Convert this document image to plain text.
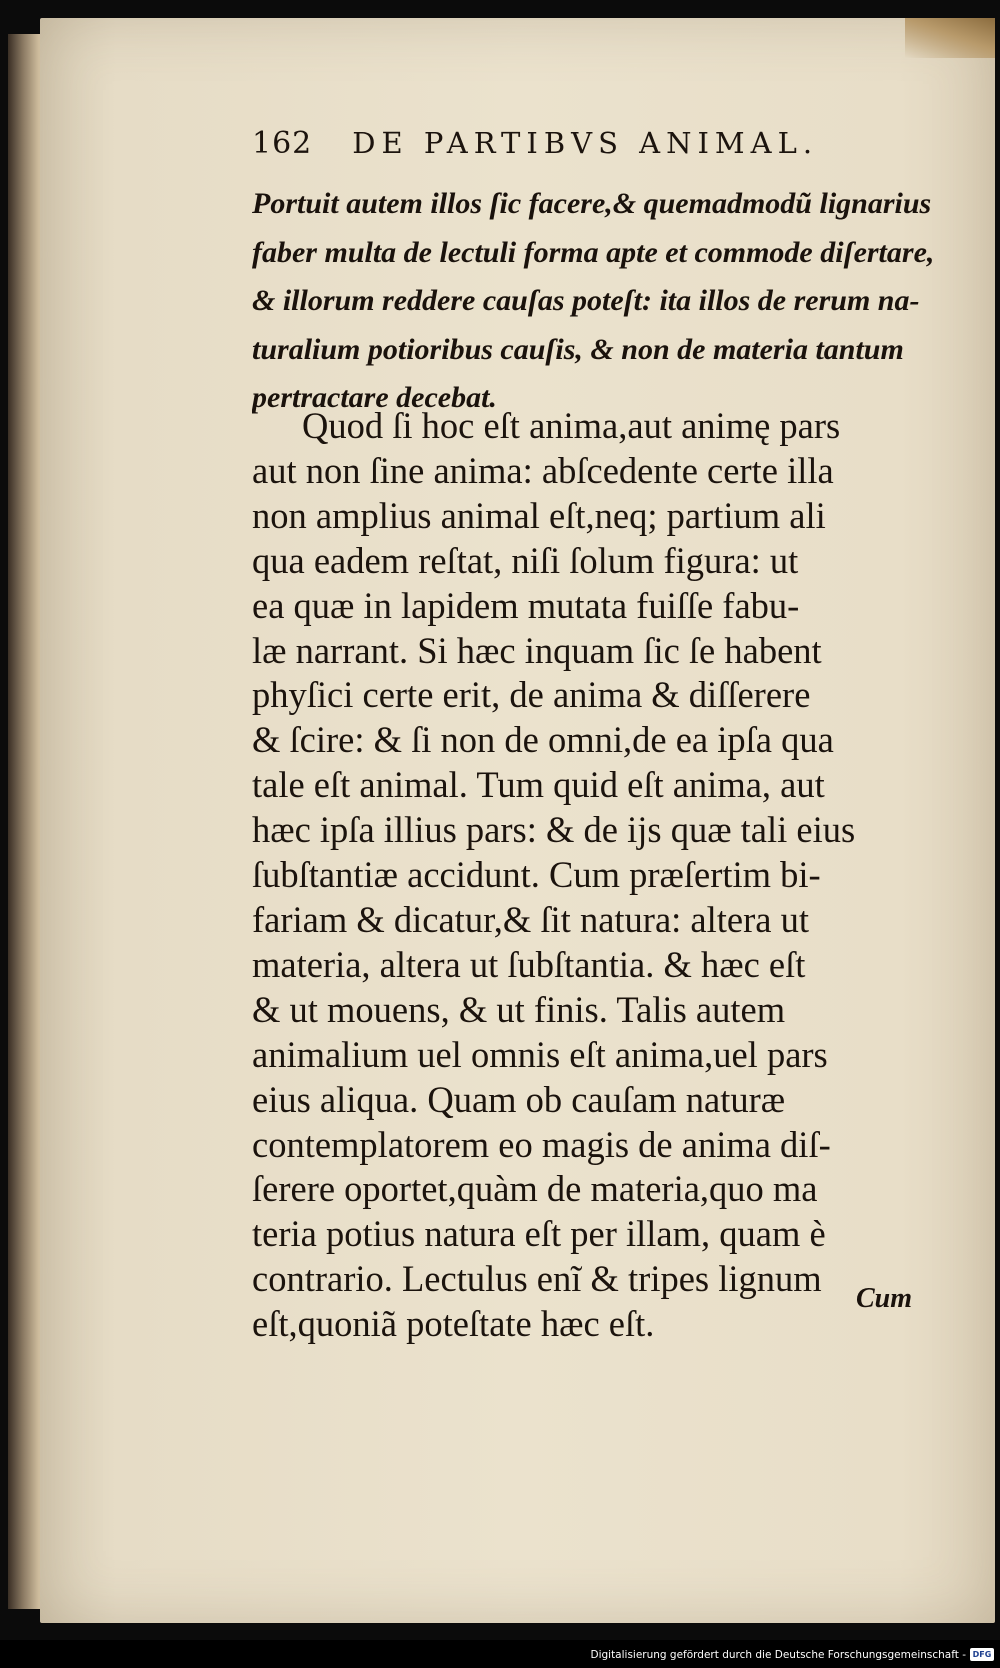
162 DE PARTIBVS ANIMAL.
Portuit autem illos ſic facere,& quemadmodũ lignarius
faber multa de lectuli forma apte et commode diſertare,
& illorum reddere cauſas poteſt: ita illos de rerum na-
turalium potioribus cauſis, & non de materia tantum
pertractare decebat.
Quod ſi hoc eſt anima,aut animę pars
aut non ſine anima: abſcedente certe illa
non amplius animal eſt,neq; partium ali
qua eadem reſtat, niſi ſolum figura: ut
ea quæ in lapidem mutata fuiſſe fabu-
læ narrant. Si hæc inquam ſic ſe habent
phyſici certe erit, de anima & diſſerere
& ſcire: & ſi non de omni,de ea ipſa qua
tale eſt animal. Tum quid eſt anima, aut
hæc ipſa illius pars: & de ijs quæ tali eius
ſubſtantiæ accidunt. Cum præſertim bi-
fariam & dicatur,& ſit natura: altera ut
materia, altera ut ſubſtantia. & hæc eſt
& ut mouens, & ut finis. Talis autem
animalium uel omnis eſt anima,uel pars
eius aliqua. Quam ob cauſam naturæ
contemplatorem eo magis de anima diſ-
ſerere oportet,quàm de materia,quo ma
teria potius natura eſt per illam, quam è
contrario. Lectulus enĩ & tripes lignum
eſt,quoniã poteſtate hæc eſt.
Cum
Digitalisierung gefördert durch die Deutsche Forschungsgemeinschaft - DFG
